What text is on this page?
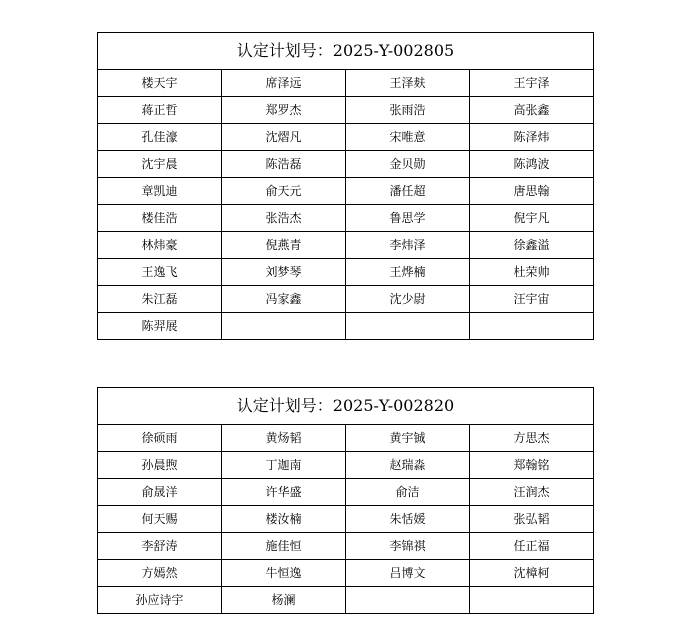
认定计划号：2025-Y-002805			
楼天宇	席泽远	王泽麸	王宇泽
蒋正哲	郑罗杰	张雨浩	高张鑫
孔佳濠	沈熠凡	宋唯意	陈泽炜
沈宇晨	陈浩磊	金贝勋	陈鸿波
章凯迪	俞天元	潘任超	唐思翰
楼佳浩	张浩杰	鲁思学	倪宇凡
林炜豪	倪燕青	李炜泽	徐鑫溢
王逸飞	刘梦琴	王烨楠	杜荣帅
朱江磊	冯家鑫	沈少尉	汪宇宙
陈羿展			
认定计划号：2025-Y-002820			
徐硕雨	黄炀韬	黄宇铖	方思杰
孙晨煦	丁迦南	赵瑞淼	郑翰铭
俞晟洋	许华盛	俞洁	汪润杰
何天赐	楼汝楠	朱恬媛	张弘韬
李舒涛	施佳恒	李锦祺	任正福
方嫣然	牛恒逸	吕博文	沈樟柯
孙应诗宇	杨澜		
